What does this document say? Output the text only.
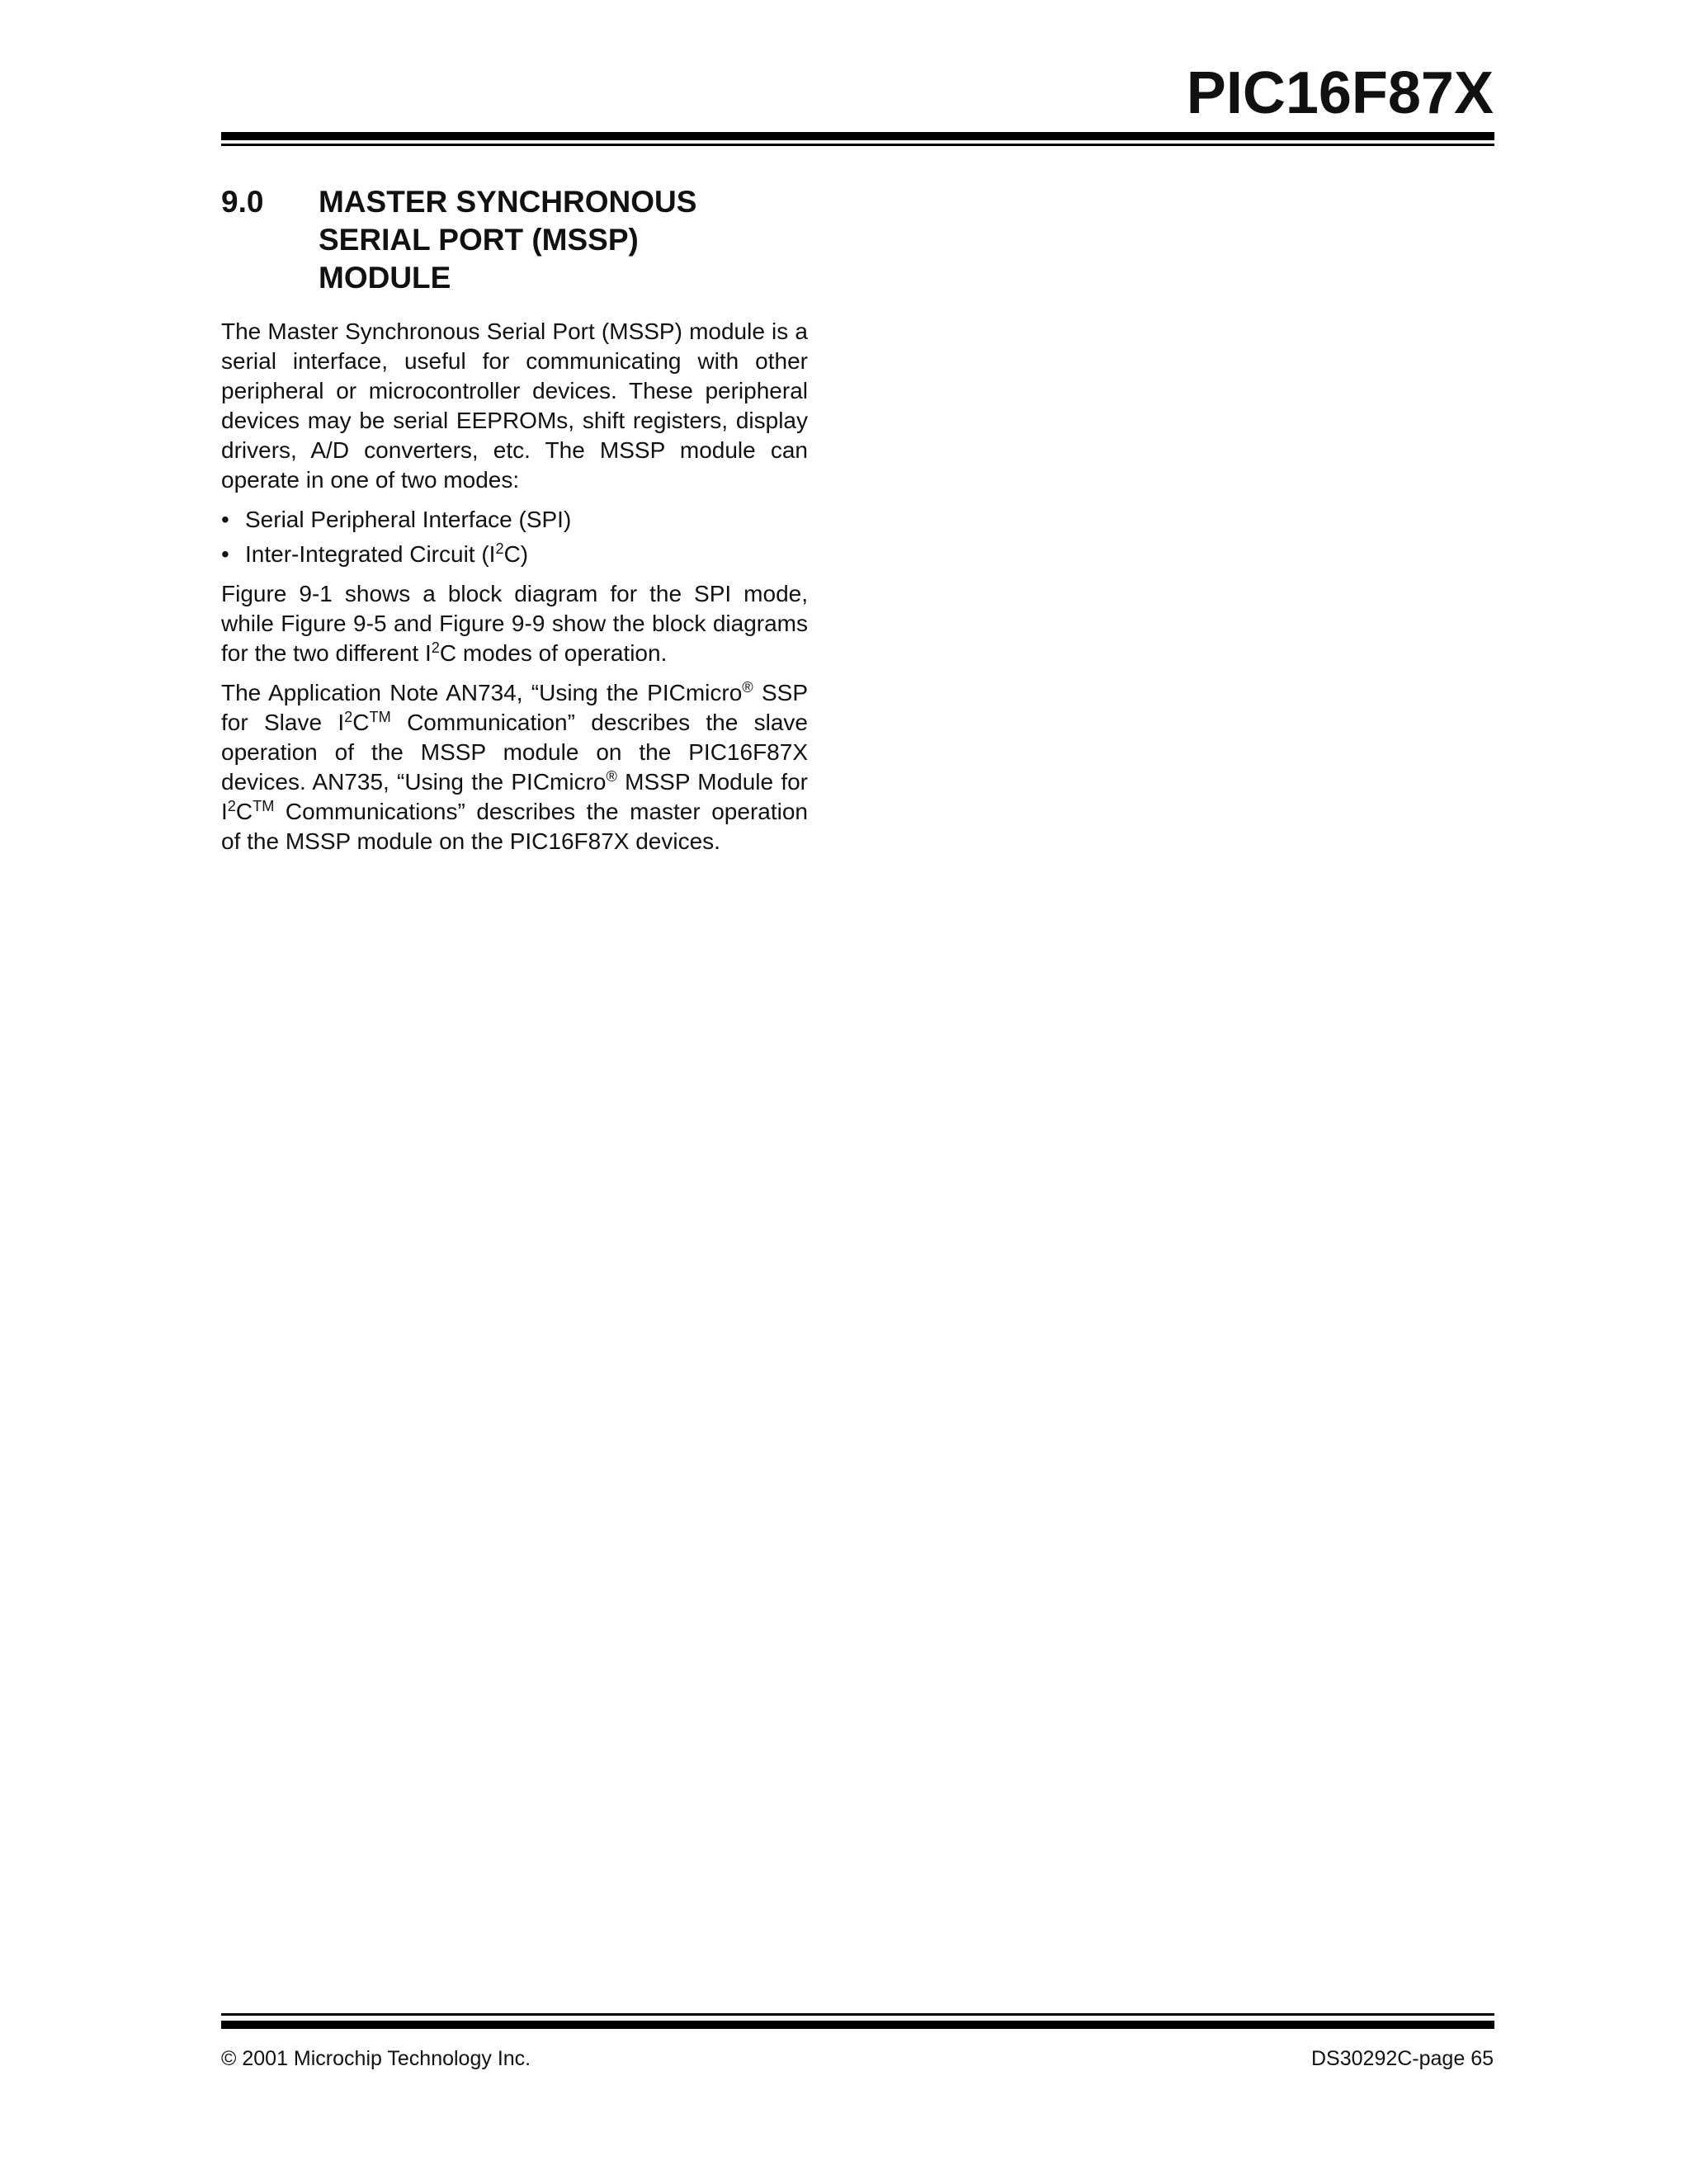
PIC16F87X
9.0 MASTER SYNCHRONOUS
SERIAL PORT (MSSP)
MODULE

The Master Synchronous Serial Port (MSSP) module is a serial interface, useful for communicating with other peripheral or microcontroller devices. These peripheral devices may be serial EEPROMs, shift registers, display drivers, A/D converters, etc. The MSSP module can operate in one of two modes:

• Serial Peripheral Interface (SPI)
• Inter-Integrated Circuit $(I^2C)$

Figure 9-1 shows a block diagram for the SPI mode, while Figure 9-5 and Figure 9-9 show the block diagrams for the two different $I^2C$ modes of operation.

The Application Note AN734, “Using the PICmicro® SSP for Slave $I^2C™$ Communication” describes the slave operation of the MSSP module on the PIC16F87X devices. AN735, “Using the PICmicro® MSSP Module for $I^2C™$ Communications” describes the master operation of the MSSP module on the PIC16F87X devices.

© 2001 Microchip Technology Inc.	DS30292C-page 65
